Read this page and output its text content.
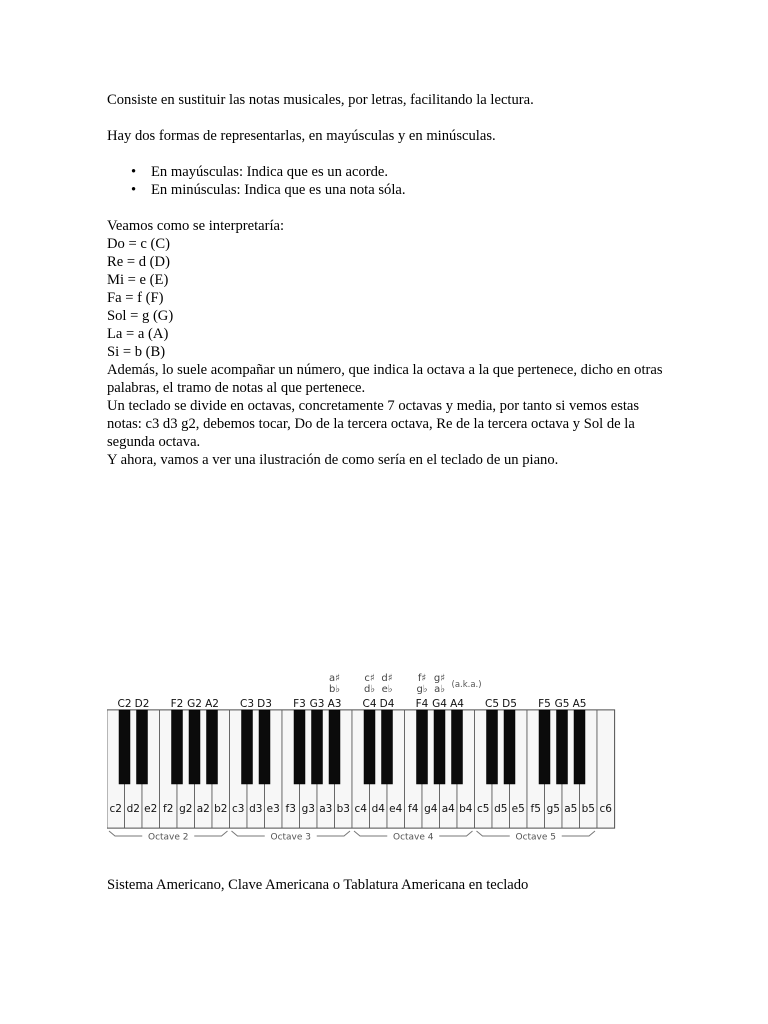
Consiste en sustituir las notas musicales, por letras, facilitando la lectura.

Hay dos formas de representarlas, en mayúsculas y en minúsculas.

• En mayúsculas: Indica que es un acorde.
• En minúsculas: Indica que es una nota sóla.

Veamos como se interpretaría:

Do = c (C)

Re = d (D)

Mi = e (E)

Fa = f (F)

Sol = g (G)

La = a (A)

Si = b (B)

Además, lo suele acompañar un número, que indica la octava a la que pertenece, dicho en otras palabras, el tramo de notas al que pertenece.

Un teclado se divide en octavas, concretamente 7 octavas y media, por tanto si vemos estas notas: c3 d3 g2, debemos tocar, Do de la tercera octava, Re de la tercera octava y Sol de la segunda octava.

Y ahora, vamos a ver una ilustración de como sería en el teclado de un piano.

c2 d2 e2 f2 g2 a2 b2 c3 d3 e3 f3 g3 a3 b3 c4 d4 e4 f4 g4 a4 b4 c5 d5 e5 f5 g5 a5 b5 c6
C2 D2 F2 G2 A2 C3 D3 F3 G3 A3 C4 D4 F4 G4 A4 C5 D5 F5 G5 A5
a♯
b♭
c♯
d♭
d♯
e♭
f♯
g♭
g♯
a♭ (a.k.a.)
Octave 2	Octave 3	Octave 4	Octave 5

Sistema Americano, Clave Americana o Tablatura Americana en teclado
